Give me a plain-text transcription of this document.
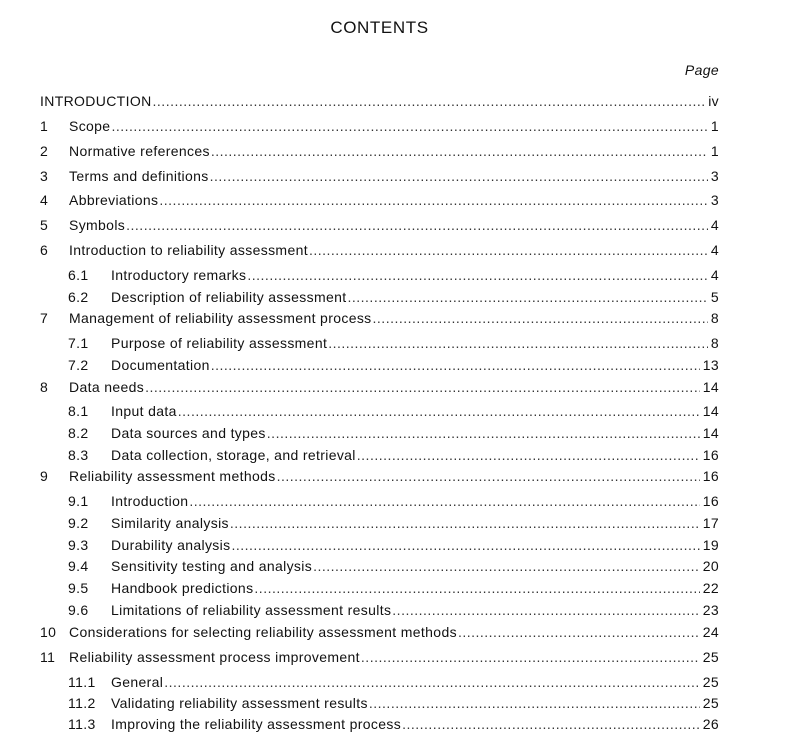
CONTENTS
Page
INTRODUCTION .....	iv
1	Scope .....	1
2	Normative references .....	1
3	Terms and definitions .....	3
4	Abbreviations .....	3
5	Symbols .....	4
6	Introduction to reliability assessment .....	4
6.1	Introductory remarks .....	4
6.2	Description of reliability assessment .....	5
7	Management of reliability assessment process .....	8
7.1	Purpose of reliability assessment .....	8
7.2	Documentation .....	13
8	Data needs .....	14
8.1	Input data .....	14
8.2	Data sources and types .....	14
8.3	Data collection, storage, and retrieval .....	16
9	Reliability assessment methods .....	16
9.1	Introduction .....	16
9.2	Similarity analysis .....	17
9.3	Durability analysis .....	19
9.4	Sensitivity testing and analysis .....	20
9.5	Handbook predictions .....	22
9.6	Limitations of reliability assessment results .....	23
10 Considerations for selecting reliability assessment methods .....	24
11 Reliability assessment process improvement .....	25
11.1	General .....	25
11.2	Validating reliability assessment results .....	25
11.3	Improving the reliability assessment process .....	26
